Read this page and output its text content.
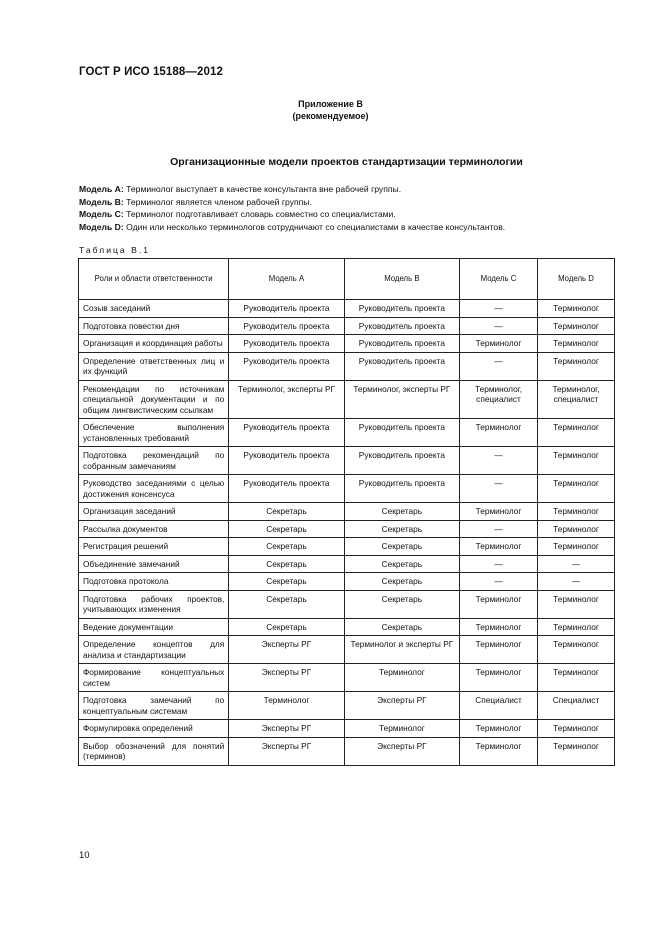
ГОСТ Р ИСО 15188—2012
Приложение В
(рекомендуемое)
Организационные модели проектов стандартизации терминологии
Модель А: Терминолог выступает в качестве консультанта вне рабочей группы.
Модель В: Терминолог является членом рабочей группы.
Модель С: Терминолог подготавливает словарь совместно со специалистами.
Модель D: Один или несколько терминологов сотрудничают со специалистами в качестве консультантов.
Таблица В.1
Роли и области ответственности	Модель А	Модель В	Модель С	Модель D
Созыв заседаний	Руководитель проекта	Руководитель проекта	—	Терминолог
Подготовка повестки дня	Руководитель проекта	Руководитель проекта	—	Терминолог
Организация и координация работы	Руководитель проекта	Руководитель проекта	Терминолог	Терминолог
Определение ответственных лиц и их функций	Руководитель проекта	Руководитель проекта	—	Терминолог
Рекомендации по источникам специальной документации и по общим лингвистическим ссылкам	Терминолог, эксперты РГ	Терминолог, эксперты РГ	Терминолог, специалист	Терминолог, специалист
Обеспечение выполнения установленных требований	Руководитель проекта	Руководитель проекта	Терминолог	Терминолог
Подготовка рекомендаций по собранным замечаниям	Руководитель проекта	Руководитель проекта	—	Терминолог
Руководство заседаниями с целью достижения консенсуса	Руководитель проекта	Руководитель проекта	—	Терминолог
Организация заседаний	Секретарь	Секретарь	Терминолог	Терминолог
Рассылка документов	Секретарь	Секретарь	—	Терминолог
Регистрация решений	Секретарь	Секретарь	Терминолог	Терминолог
Объединение замечаний	Секретарь	Секретарь	—	—
Подготовка протокола	Секретарь	Секретарь	—	—
Подготовка рабочих проектов, учитывающих изменения	Секретарь	Секретарь	Терминолог	Терминолог
Ведение документации	Секретарь	Секретарь	Терминолог	Терминолог
Определение концептов для анализа и стандартизации	Эксперты РГ	Терминолог и эксперты РГ	Терминолог	Терминолог
Формирование концептуальных систем	Эксперты РГ	Терминолог	Терминолог	Терминолог
Подготовка замечаний по концептуальным системам	Терминолог	Эксперты РГ	Специалист	Специалист
Формулировка определений	Эксперты РГ	Терминолог	Терминолог	Терминолог
Выбор обозначений для понятий (терминов)	Эксперты РГ	Эксперты РГ	Терминолог	Терминолог
10
